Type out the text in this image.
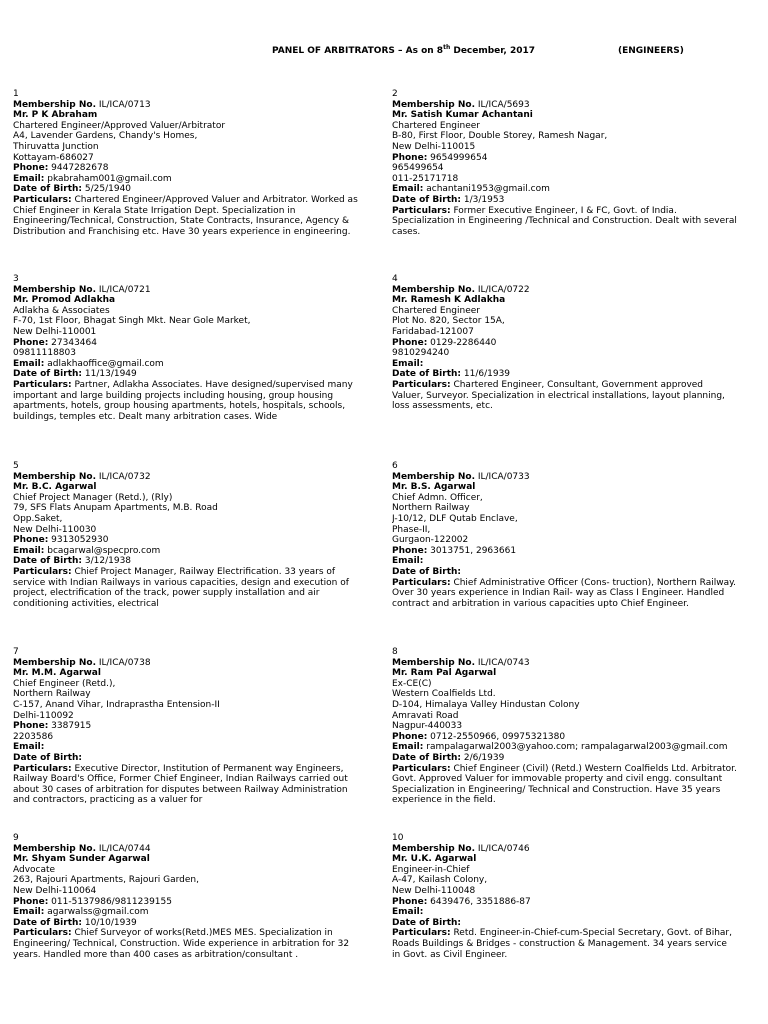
PANEL OF ARBITRATORS – As on 8th December, 2017	(ENGINEERS)
1
Membership No. IL/ICA/0713
Mr. P K Abraham
Chartered Engineer/Approved Valuer/Arbitrator
A4, Lavender Gardens, Chandy's Homes,
Thiruvatta Junction
Kottayam-686027
Phone: 9447282678
Email: pkabraham001@gmail.com
Date of Birth: 5/25/1940
Particulars: Chartered Engineer/Approved Valuer and Arbitrator. Worked as Chief Engineer in Kerala State Irrigation Dept. Specialization in Engineering/Technical, Construction, State Contracts, Insurance, Agency & Distribution and Franchising etc. Have 30 years experience in engineering.
2
Membership No. IL/ICA/5693
Mr. Satish Kumar Achantani
Chartered Engineer
B-80, First Floor, Double Storey, Ramesh Nagar,
New Delhi-110015
Phone: 9654999654
965499654
011-25171718
Email: achantani1953@gmail.com
Date of Birth: 1/3/1953
Particulars: Former Executive Engineer, I & FC, Govt. of India. Specialization in Engineering /Technical and Construction. Dealt with several cases.
3
Membership No. IL/ICA/0721
Mr. Promod Adlakha
Adlakha & Associates
F-70, 1st Floor, Bhagat Singh Mkt. Near Gole Market,
New Delhi-110001
Phone: 27343464
09811118803
Email: adlakhaoffice@gmail.com
Date of Birth: 11/13/1949
Particulars: Partner, Adlakha Associates. Have designed/supervised many important and large building projects including housing, group housing apartments, hotels, group housing apartments, hotels, hospitals, schools, buildings, temples etc. Dealt many arbitration cases. Wide
4
Membership No. IL/ICA/0722
Mr. Ramesh K Adlakha
Chartered Engineer
Plot No. 820, Sector 15A,
Faridabad-121007
Phone: 0129-2286440
9810294240
Email:
Date of Birth: 11/6/1939
Particulars: Chartered Engineer, Consultant, Government approved Valuer, Surveyor. Specialization in electrical installations, layout planning, loss assessments, etc.
5
Membership No. IL/ICA/0732
Mr. B.C. Agarwal
Chief Project Manager (Retd.), (Rly)
79, SFS Flats Anupam Apartments, M.B. Road
Opp.Saket,
New Delhi-110030
Phone: 9313052930
Email: bcagarwal@specpro.com
Date of Birth: 3/12/1938
Particulars: Chief Project Manager, Railway Electrification. 33 years of service with Indian Railways in various capacities, design and execution of project, electrification of the track, power supply installation and air conditioning activities, electrical
6
Membership No. IL/ICA/0733
Mr. B.S. Agarwal
Chief Admn. Officer,
Northern Railway
J-10/12, DLF Qutab Enclave,
Phase-II,
Gurgaon-122002
Phone: 3013751, 2963661
Email:
Date of Birth:
Particulars: Chief Administrative Officer (Cons- truction), Northern Railway. Over 30 years experience in Indian Rail- way as Class I Engineer. Handled contract and arbitration in various capacities upto Chief Engineer.
7
Membership No. IL/ICA/0738
Mr. M.M. Agarwal
Chief Engineer (Retd.),
Northern Railway
C-157, Anand Vihar, Indraprastha Entension-II
Delhi-110092
Phone: 3387915
2203586
Email:
Date of Birth:
Particulars: Executive Director, Institution of Permanent way Engineers, Railway Board's Office, Former Chief Engineer, Indian Railways carried out about 30 cases of arbitration for disputes between Railway Administration and contractors, practicing as a valuer for
8
Membership No. IL/ICA/0743
Mr. Ram Pal Agarwal
Ex-CE(C)
Western Coalfields Ltd.
D-104, Himalaya Valley Hindustan Colony
Amravati Road
Nagpur-440033
Phone: 0712-2550966, 09975321380
Email: rampalagarwal2003@yahoo.com; rampalagarwal2003@gmail.com
Date of Birth: 2/6/1939
Particulars: Chief Engineer (Civil) (Retd.) Western Coalfields Ltd. Arbitrator. Govt. Approved Valuer for immovable property and civil engg. consultant Specialization in Engineering/ Technical and Construction. Have 35 years experience in the field.
9
Membership No. IL/ICA/0744
Mr. Shyam Sunder Agarwal
Advocate
263, Rajouri Apartments, Rajouri Garden,
New Delhi-110064
Phone: 011-5137986/9811239155
Email: agarwalss@gmail.com
Date of Birth: 10/10/1939
Particulars: Chief Surveyor of works(Retd.)MES MES. Specialization in Engineering/ Technical, Construction. Wide experience in arbitration for 32 years. Handled more than 400 cases as arbitration/consultant .
10
Membership No. IL/ICA/0746
Mr. U.K. Agarwal
Engineer-in-Chief
A-47, Kailash Colony,
New Delhi-110048
Phone: 6439476, 3351886-87
Email:
Date of Birth:
Particulars: Retd. Engineer-in-Chief-cum-Special Secretary, Govt. of Bihar, Roads Buildings & Bridges - construction & Management. 34 years service in Govt. as Civil Engineer.
